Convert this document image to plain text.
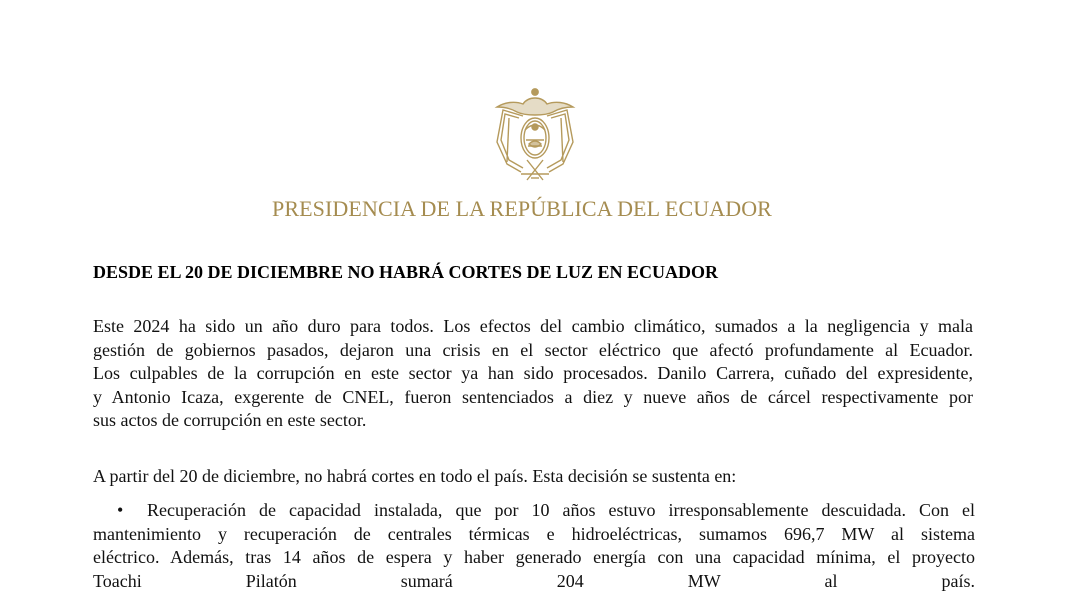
PRESIDENCIA DE LA REPÚBLICA DEL ECUADOR
DESDE EL 20 DE DICIEMBRE NO HABRÁ CORTES DE LUZ EN ECUADOR
Este 2024 ha sido un año duro para todos. Los efectos del cambio climático, sumados a la negligencia y mala
gestión de gobiernos pasados, dejaron una crisis en el sector eléctrico que afectó profundamente al Ecuador.
Los culpables de la corrupción en este sector ya han sido procesados. Danilo Carrera, cuñado del expresidente,
y Antonio Icaza, exgerente de CNEL, fueron sentenciados a diez y nueve años de cárcel respectivamente por
sus actos de corrupción en este sector.
A partir del 20 de diciembre, no habrá cortes en todo el país. Esta decisión se sustenta en:
•	Recuperación de capacidad instalada, que por 10 años estuvo irresponsablemente descuidada. Con el
mantenimiento y recuperación de centrales térmicas e hidroeléctricas, sumamos 696,7 MW al sistema
eléctrico. Además, tras 14 años de espera y haber generado energía con una capacidad mínima, el proyecto
Toachi Pilatón sumará 204 MW al país.
